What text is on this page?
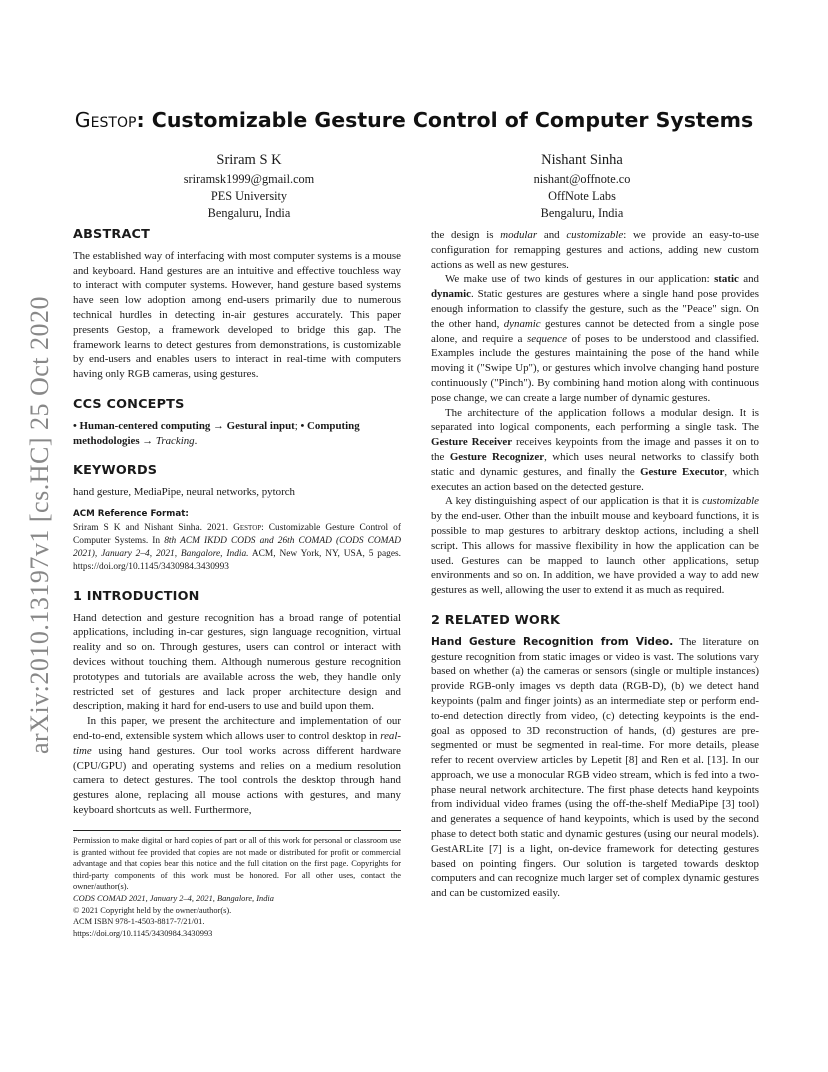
arXiv:2010.13197v1 [cs.HC] 25 Oct 2020
Gestop: Customizable Gesture Control of Computer Systems
Sriram S K
sriramsk1999@gmail.com
PES University
Bengaluru, India
Nishant Sinha
nishant@offnote.co
OffNote Labs
Bengaluru, India
ABSTRACT

The established way of interfacing with most computer systems is a mouse and keyboard. Hand gestures are an intuitive and effective touchless way to interact with computer systems. However, hand gesture based systems have seen low adoption among end-users primarily due to numerous technical hurdles in detecting in-air gestures accurately. This paper presents Gestop, a framework developed to bridge this gap. The framework learns to detect gestures from demonstrations, is customizable by end-users and enables users to interact in real-time with computers having only RGB cameras, using gestures.

CCS CONCEPTS

• Human-centered computing → Gestural input; • Computing methodologies → Tracking.

KEYWORDS

hand gesture, MediaPipe, neural networks, pytorch

ACM Reference Format:

Sriram S K and Nishant Sinha. 2021. Gestop: Customizable Gesture Control of Computer Systems. In 8th ACM IKDD CODS and 26th COMAD (CODS COMAD 2021), January 2–4, 2021, Bangalore, India. ACM, New York, NY, USA, 5 pages. https://doi.org/10.1145/3430984.3430993

1 INTRODUCTION

Hand detection and gesture recognition has a broad range of potential applications, including in-car gestures, sign language recognition, virtual reality and so on. Through gestures, users can control or interact with devices without touching them. Although numerous gesture recognition prototypes and tutorials are available across the web, they handle only restricted set of gestures and lack proper architecture design and description, making it hard for end-users to use and build upon them.

In this paper, we present the architecture and implementation of our end-to-end, extensible system which allows user to control desktop in real-time using hand gestures. Our tool works across different hardware (CPU/GPU) and operating systems and relies on a medium resolution camera to detect gestures. The tool controls the desktop through hand gestures alone, replacing all mouse actions with gestures, and many keyboard shortcuts as well. Furthermore,

Permission to make digital or hard copies of part or all of this work for personal or classroom use is granted without fee provided that copies are not made or distributed for profit or commercial advantage and that copies bear this notice and the full citation on the first page. Copyrights for third-party components of this work must be honored. For all other uses, contact the owner/author(s).

CODS COMAD 2021, January 2–4, 2021, Bangalore, India

© 2021 Copyright held by the owner/author(s).

ACM ISBN 978-1-4503-8817-7/21/01.

https://doi.org/10.1145/3430984.3430993

the design is modular and customizable: we provide an easy-to-use configuration for remapping gestures and actions, adding new custom actions as well as new gestures.

We make use of two kinds of gestures in our application: static and dynamic. Static gestures are gestures where a single hand pose provides enough information to classify the gesture, such as the "Peace" sign. On the other hand, dynamic gestures cannot be detected from a single pose alone, and require a sequence of poses to be understood and classified. Examples include the gestures maintaining the pose of the hand while moving it ("Swipe Up"), or gestures which involve changing hand posture continuously ("Pinch"). By combining hand motion along with continuous pose change, we can create a large number of dynamic gestures.

The architecture of the application follows a modular design. It is separated into logical components, each performing a single task. The Gesture Receiver receives keypoints from the image and passes it on to the Gesture Recognizer, which uses neural networks to classify both static and dynamic gestures, and finally the Gesture Executor, which executes an action based on the detected gesture.

A key distinguishing aspect of our application is that it is customizable by the end-user. Other than the inbuilt mouse and keyboard functions, it is possible to map gestures to arbitrary desktop actions, including a shell script. This allows for massive flexibility in how the application can be used. Gestures can be mapped to launch other applications, setup environments and so on. In addition, we have provided a way to add new gestures as well, allowing the user to extend it as much as required.

2 RELATED WORK

Hand Gesture Recognition from Video. The literature on gesture recognition from static images or video is vast. The solutions vary based on whether (a) the cameras or sensors (single or multiple instances) provide RGB-only images vs depth data (RGB-D), (b) we detect hand keypoints (palm and finger joints) as an intermediate step or perform end-to-end detection directly from video, (c) detecting keypoints is the end-goal as opposed to 3D reconstruction of hands, (d) gestures are pre-segmented or must be segmented in real-time. For more details, please refer to recent overview articles by Lepetit [8] and Ren et al. [13]. In our approach, we use a monocular RGB video stream, which is fed into a two-phase neural network architecture. The first phase detects hand keypoints from individual video frames (using the off-the-shelf MediaPipe [3] tool) and generates a sequence of hand keypoints, which is used by the second phase to detect both static and dynamic gestures (using our neural models). GestARLite [7] is a light, on-device framework for detecting gestures based on pointing fingers. Our solution is targeted towards desktop computers and can recognize much larger set of complex dynamic gestures and can be customized easily.
